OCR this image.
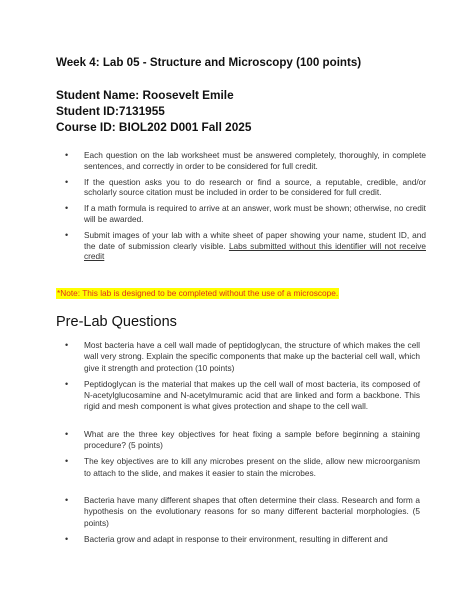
Week 4: Lab 05 - Structure and Microscopy (100 points)
Student Name: Roosevelt Emile
Student ID:7131955
Course ID: BIOL202 D001 Fall 2025
• Each question on the lab worksheet must be answered completely, thoroughly, in complete sentences, and correctly in order to be considered for full credit.
• If the question asks you to do research or find a source, a reputable, credible, and/or scholarly source citation must be included in order to be considered for full credit.
• If a math formula is required to arrive at an answer, work must be shown; otherwise, no credit will be awarded.
• Submit images of your lab with a white sheet of paper showing your name, student ID, and the date of submission clearly visible. Labs submitted without this identifier will not receive credit
*Note: This lab is designed to be completed without the use of a microscope.
Pre-Lab Questions
• Most bacteria have a cell wall made of peptidoglycan, the structure of which makes the cell wall very strong. Explain the specific components that make up the bacterial cell wall, which give it strength and protection (10 points)
• Peptidoglycan is the material that makes up the cell wall of most bacteria, its composed of N-acetylglucosamine and N-acetylmuramic acid that are linked and form a backbone. This rigid and mesh component is what gives protection and shape to the cell wall.
• What are the three key objectives for heat fixing a sample before beginning a staining procedure? (5 points)
• The key objectives are to kill any microbes present on the slide, allow new microorganism to attach to the slide, and makes it easier to stain the microbes.
• Bacteria have many different shapes that often determine their class. Research and form a hypothesis on the evolutionary reasons for so many different bacterial morphologies. (5 points)
• Bacteria grow and adapt in response to their environment, resulting in different and
